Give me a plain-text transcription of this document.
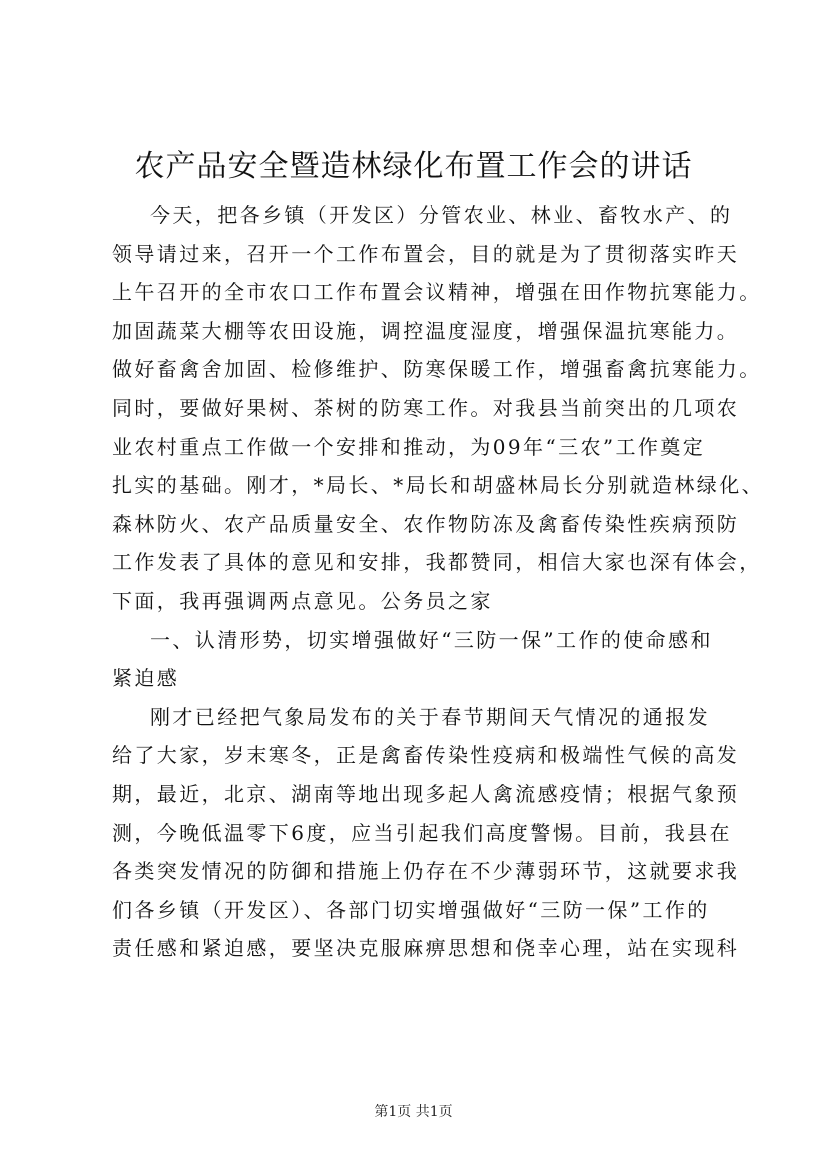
农产品安全暨造林绿化布置工作会的讲话
今天，把各乡镇（开发区）分管农业、林业、畜牧水产、的
领导请过来，召开一个工作布置会，目的就是为了贯彻落实昨天
上午召开的全市农口工作布置会议精神，增强在田作物抗寒能力。
加固蔬菜大棚等农田设施，调控温度湿度，增强保温抗寒能力。
做好畜禽舍加固、检修维护、防寒保暖工作，增强畜禽抗寒能力。
同时，要做好果树、茶树的防寒工作。对我县当前突出的几项农
业农村重点工作做一个安排和推动，为09年“三农”工作奠定
扎实的基础。刚才，*局长、*局长和胡盛林局长分别就造林绿化、
森林防火、农产品质量安全、农作物防冻及禽畜传染性疾病预防
工作发表了具体的意见和安排，我都赞同，相信大家也深有体会，
下面，我再强调两点意见。公务员之家
一、认清形势，切实增强做好“三防一保”工作的使命感和
紧迫感
刚才已经把气象局发布的关于春节期间天气情况的通报发
给了大家，岁末寒冬，正是禽畜传染性疫病和极端性气候的高发
期，最近，北京、湖南等地出现多起人禽流感疫情；根据气象预
测，今晚低温零下6度，应当引起我们高度警惕。目前，我县在
各类突发情况的防御和措施上仍存在不少薄弱环节，这就要求我
们各乡镇（开发区）、各部门切实增强做好“三防一保”工作的
责任感和紧迫感，要坚决克服麻痹思想和侥幸心理，站在实现科
第1页 共1页
